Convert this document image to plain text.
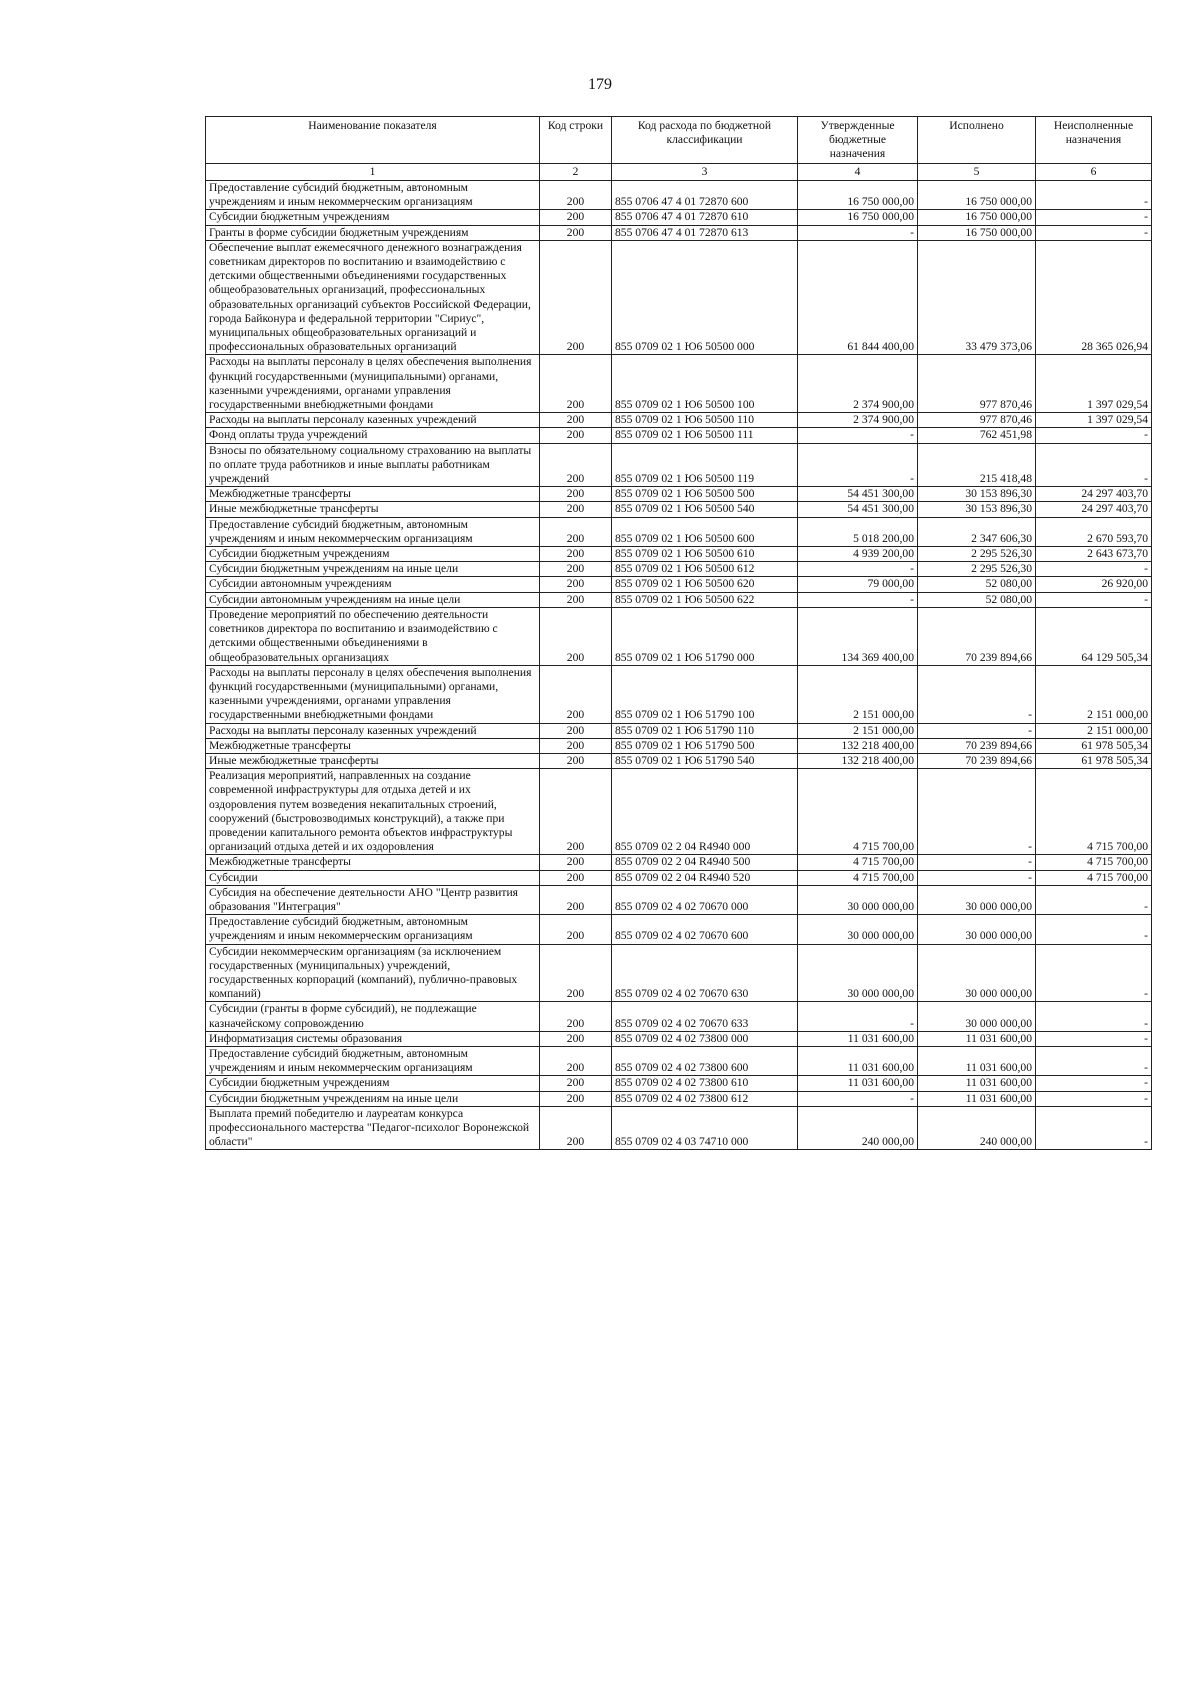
179
Наименование показателя	Код строки	Код расхода по бюджетной классификации	Утвержденные бюджетные назначения	Исполнено	Неисполненные назначения
1	2	3	4	5	6
Предоставление субсидий бюджетным, автономным учреждениям и иным некоммерческим организациям	200	855 0706 47 4 01 72870 600	16 750 000,00	16 750 000,00	-
Субсидии бюджетным учреждениям	200	855 0706 47 4 01 72870 610	16 750 000,00	16 750 000,00	-
Гранты в форме субсидии бюджетным учреждениям	200	855 0706 47 4 01 72870 613	-	16 750 000,00	-
Обеспечение выплат ежемесячного денежного вознаграждения советникам директоров по воспитанию и взаимодействию с детскими общественными объединениями государственных общеобразовательных организаций, профессиональных образовательных организаций субъектов Российской Федерации, города Байконура и федеральной территории "Сириус", муниципальных общеобразовательных организаций и профессиональных образовательных организаций	200	855 0709 02 1 Ю6 50500 000	61 844 400,00	33 479 373,06	28 365 026,94
Расходы на выплаты персоналу в целях обеспечения выполнения функций государственными (муниципальными) органами, казенными учреждениями, органами управления государственными внебюджетными фондами	200	855 0709 02 1 Ю6 50500 100	2 374 900,00	977 870,46	1 397 029,54
Расходы на выплаты персоналу казенных учреждений	200	855 0709 02 1 Ю6 50500 110	2 374 900,00	977 870,46	1 397 029,54
Фонд оплаты труда учреждений	200	855 0709 02 1 Ю6 50500 111	-	762 451,98	-
Взносы по обязательному социальному страхованию на выплаты по оплате труда работников и иные выплаты работникам учреждений	200	855 0709 02 1 Ю6 50500 119	-	215 418,48	-
Межбюджетные трансферты	200	855 0709 02 1 Ю6 50500 500	54 451 300,00	30 153 896,30	24 297 403,70
Иные межбюджетные трансферты	200	855 0709 02 1 Ю6 50500 540	54 451 300,00	30 153 896,30	24 297 403,70
Предоставление субсидий бюджетным, автономным учреждениям и иным некоммерческим организациям	200	855 0709 02 1 Ю6 50500 600	5 018 200,00	2 347 606,30	2 670 593,70
Субсидии бюджетным учреждениям	200	855 0709 02 1 Ю6 50500 610	4 939 200,00	2 295 526,30	2 643 673,70
Субсидии бюджетным учреждениям на иные цели	200	855 0709 02 1 Ю6 50500 612	-	2 295 526,30	-
Субсидии автономным учреждениям	200	855 0709 02 1 Ю6 50500 620	79 000,00	52 080,00	26 920,00
Субсидии автономным учреждениям на иные цели	200	855 0709 02 1 Ю6 50500 622	-	52 080,00	-
Проведение мероприятий по обеспечению деятельности советников директора по воспитанию и взаимодействию с детскими общественными объединениями в общеобразовательных организациях	200	855 0709 02 1 Ю6 51790 000	134 369 400,00	70 239 894,66	64 129 505,34
Расходы на выплаты персоналу в целях обеспечения выполнения функций государственными (муниципальными) органами, казенными учреждениями, органами управления государственными внебюджетными фондами	200	855 0709 02 1 Ю6 51790 100	2 151 000,00	-	2 151 000,00
Расходы на выплаты персоналу казенных учреждений	200	855 0709 02 1 Ю6 51790 110	2 151 000,00	-	2 151 000,00
Межбюджетные трансферты	200	855 0709 02 1 Ю6 51790 500	132 218 400,00	70 239 894,66	61 978 505,34
Иные межбюджетные трансферты	200	855 0709 02 1 Ю6 51790 540	132 218 400,00	70 239 894,66	61 978 505,34
Реализация мероприятий, направленных на создание современной инфраструктуры для отдыха детей и их оздоровления путем возведения некапитальных строений, сооружений (быстровозводимых конструкций), а также при проведении капитального ремонта объектов инфраструктуры организаций отдыха детей и их оздоровления	200	855 0709 02 2 04 R4940 000	4 715 700,00	-	4 715 700,00
Межбюджетные трансферты	200	855 0709 02 2 04 R4940 500	4 715 700,00	-	4 715 700,00
Субсидии	200	855 0709 02 2 04 R4940 520	4 715 700,00	-	4 715 700,00
Субсидия на обеспечение деятельности АНО "Центр развития образования "Интеграция"	200	855 0709 02 4 02 70670 000	30 000 000,00	30 000 000,00	-
Предоставление субсидий бюджетным, автономным учреждениям и иным некоммерческим организациям	200	855 0709 02 4 02 70670 600	30 000 000,00	30 000 000,00	-
Субсидии некоммерческим организациям (за исключением государственных (муниципальных) учреждений, государственных корпораций (компаний), публично-правовых компаний)	200	855 0709 02 4 02 70670 630	30 000 000,00	30 000 000,00	-
Субсидии (гранты в форме субсидий), не подлежащие казначейскому сопровождению	200	855 0709 02 4 02 70670 633	-	30 000 000,00	-
Информатизация системы образования	200	855 0709 02 4 02 73800 000	11 031 600,00	11 031 600,00	-
Предоставление субсидий бюджетным, автономным учреждениям и иным некоммерческим организациям	200	855 0709 02 4 02 73800 600	11 031 600,00	11 031 600,00	-
Субсидии бюджетным учреждениям	200	855 0709 02 4 02 73800 610	11 031 600,00	11 031 600,00	-
Субсидии бюджетным учреждениям на иные цели	200	855 0709 02 4 02 73800 612	-	11 031 600,00	-
Выплата премий победителю и лауреатам конкурса профессионального мастерства "Педагог-психолог Воронежской области"	200	855 0709 02 4 03 74710 000	240 000,00	240 000,00	-
